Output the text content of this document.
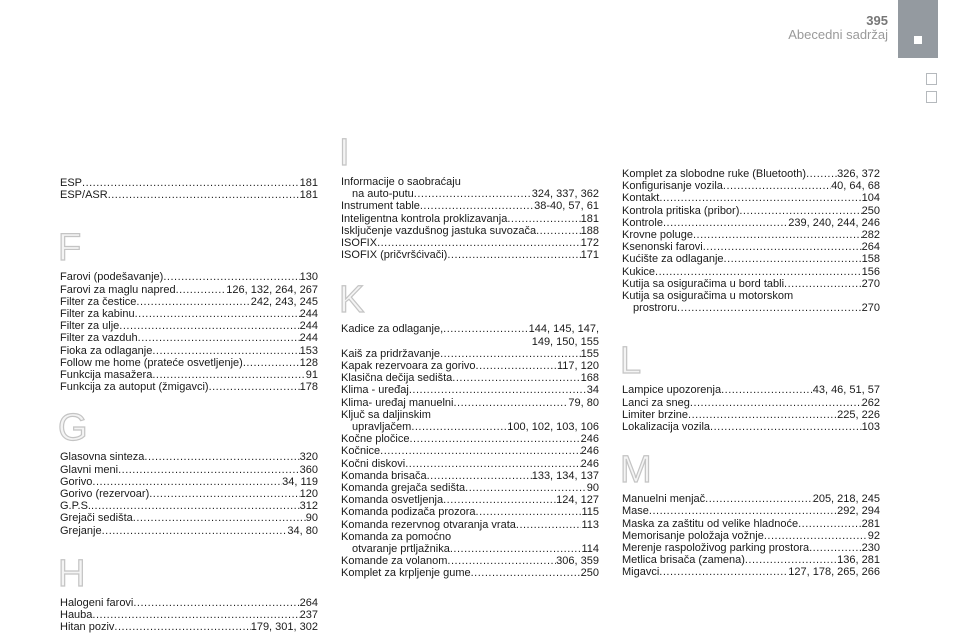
395
Abecedni sadržaj
ESP .....	181
ESP/ASR .....	181
F
Farovi (podešavanje) .....	130
Farovi za maglu napred .....	126, 132, 264, 267
Filter za čestice .....	242, 243, 245
Filter za kabinu .....	244
Filter za ulje .....	244
Filter za vazduh .....	244
Fioka za odlaganje .....	153
Follow me home (prateće osvetljenje) .....	128
Funkcija masažera .....	91
Funkcija za autoput (žmigavci) .....	178
G
Glasovna sinteza .....	320
Glavni meni .....	360
Gorivo .....	34, 119
Gorivo (rezervoar) .....	120
G.P.S. .....	312
Grejači sedišta .....	90
Grejanje .....	34, 80
H
Halogeni farovi .....	264
Hauba .....	237
Hitan poziv .....	179, 301, 302
I
Informacije o saobraćaju
na auto-putu .....	324, 337, 362
Instrument table .....	38-40, 57, 61
Inteligentna kontrola proklizavanja .....	181
Isključenje vazdušnog jastuka suvozača .....	188
ISOFIX .....	172
ISOFIX (pričvršćivači) .....	171
K
Kadice za odlaganje, .....	144, 145, 147,
149, 150, 155
Kaiš za pridržavanje .....	155
Kapak rezervoara za gorivo .....	117, 120
Klasična dečija sedišta .....	168
Klima - uređaj .....	34
Klima- uređaj manuelni .....	79, 80
Ključ sa daljinskim
upravljačem .....	100, 102, 103, 106
Kočne pločice .....	246
Kočnice .....	246
Kočni diskovi .....	246
Komanda brisača .....	133, 134, 137
Komanda grejača sedišta .....	90
Komanda osvetljenja .....	124, 127
Komanda podizača prozora .....	115
Komanda rezervnog otvaranja vrata .....	113
Komanda za pomoćno
otvaranje prtljažnika .....	114
Komande za volanom .....	306, 359
Komplet za krpljenje gume .....	250
Komplet za slobodne ruke (Bluetooth) .....	326, 372
Konfigurisanje vozila .....	40, 64, 68
Kontakt .....	104
Kontrola pritiska (pribor) .....	250
Kontrole .....	239, 240, 244, 246
Krovne poluge .....	282
Ksenonski farovi .....	264
Kućište za odlaganje .....	158
Kukice .....	156
Kutija sa osiguračima u bord tabli .....	270
Kutija sa osiguračima u motorskom
prostroru .....	270
L
Lampice upozorenja .....	43, 46, 51, 57
Lanci za sneg .....	262
Limiter brzine .....	225, 226
Lokalizacija vozila .....	103
M
Manuelni menjač .....	205, 218, 245
Mase .....	292, 294
Maska za zaštitu od velike hladnoće .....	281
Memorisanje položaja vožnje .....	92
Merenje raspoloživog parking prostora .....	230
Metlica brisača (zamena) .....	136, 281
Migavci .....	127, 178, 265, 266
